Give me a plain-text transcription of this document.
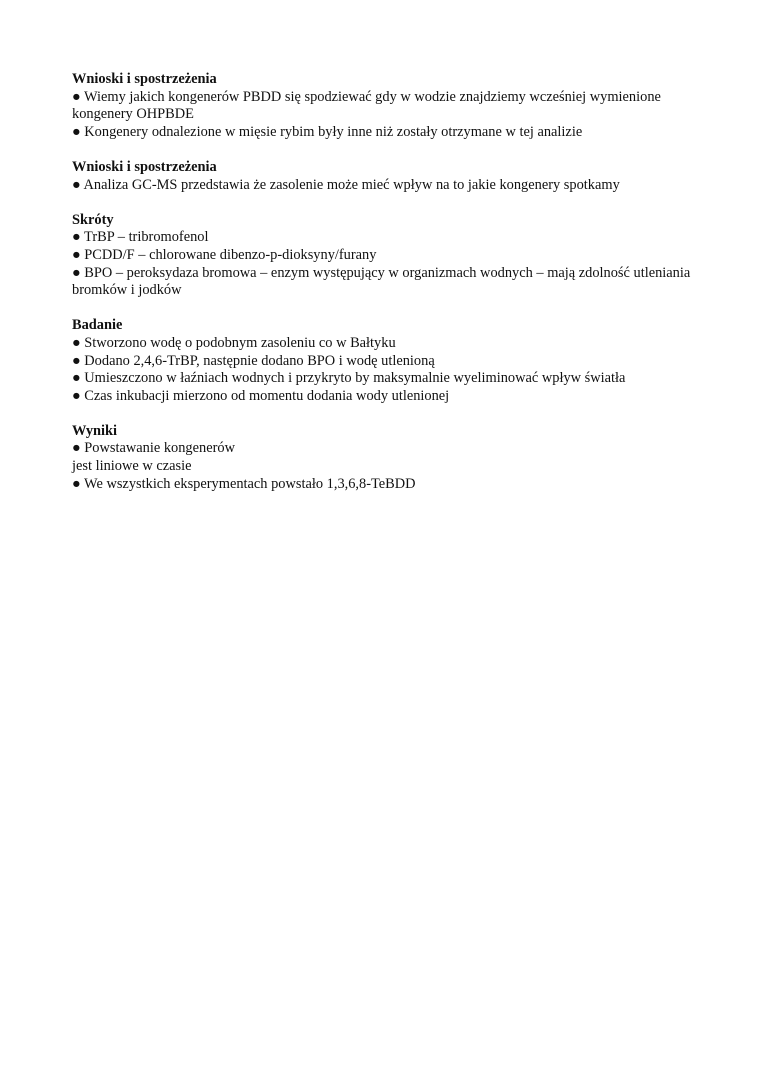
Wnioski i spostrzeżenia
● Wiemy jakich kongenerów PBDD się spodziewać gdy w wodzie znajdziemy wcześniej wymienione kongenery OHPBDE
● Kongenery odnalezione w mięsie rybim były inne niż zostały otrzymane w tej analizie
Wnioski i spostrzeżenia
● Analiza GC-MS przedstawia że zasolenie może mieć wpływ na to jakie kongenery spotkamy
Skróty
● TrBP – tribromofenol
● PCDD/F – chlorowane dibenzo-p-dioksyny/furany
● BPO – peroksydaza bromowa – enzym występujący w organizmach wodnych – mają zdolność utleniania bromków i jodków
Badanie
● Stworzono wodę o podobnym zasoleniu co w Bałtyku
● Dodano 2,4,6-TrBP, następnie dodano BPO i wodę utlenioną
● Umieszczono w łaźniach wodnych i przykryto by maksymalnie wyeliminować wpływ światła
● Czas inkubacji mierzono od momentu dodania wody utlenionej
Wyniki
● Powstawanie kongenerów
jest liniowe w czasie
● We wszystkich eksperymentach powstało 1,3,6,8-TeBDD
